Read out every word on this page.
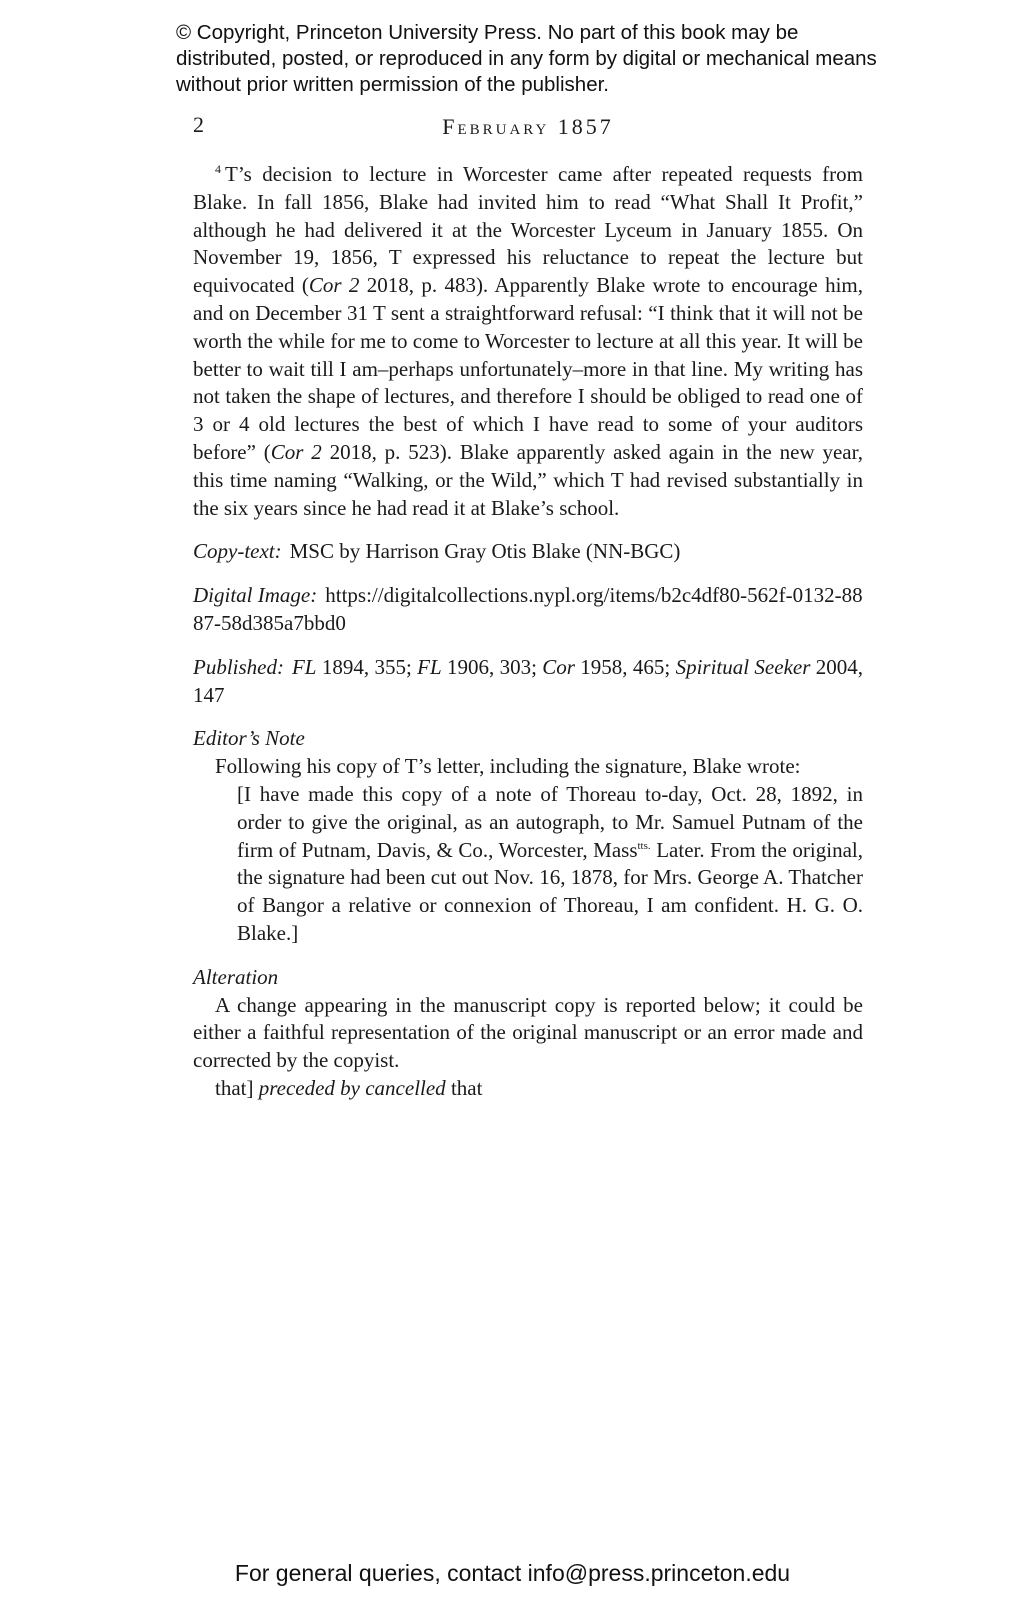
© Copyright, Princeton University Press. No part of this book may be distributed, posted, or reproduced in any form by digital or mechanical means without prior written permission of the publisher.
2	February 1857

$^4$ T’s decision to lecture in Worcester came after repeated requests from Blake. In fall 1856, Blake had invited him to read “What Shall It Profit,” although he had delivered it at the Worcester Lyceum in January 1855. On November 19, 1856, T expressed his reluctance to repeat the lecture but equivocated (Cor 2 2018, p. 483). Apparently Blake wrote to encourage him, and on December 31 T sent a straightforward refusal: “I think that it will not be worth the while for me to come to Worcester to lecture at all this year. It will be better to wait till I am–perhaps unfortunately–more in that line. My writing has not taken the shape of lectures, and therefore I should be obliged to read one of 3 or 4 old lectures the best of which I have read to some of your auditors before” (Cor 2 2018, p. 523). Blake apparently asked again in the new year, this time naming “Walking, or the Wild,” which T had revised substantially in the six years since he had read it at Blake’s school.

Copy-text: MSC by Harrison Gray Otis Blake (NN-BGC)

Digital Image: https://digitalcollections.nypl.org/items/b2c4df80-562f-0132-8887-58d385a7bbd0

Published: FL 1894, 355; FL 1906, 303; Cor 1958, 465; Spiritual Seeker 2004, 147

Editor’s Note

Following his copy of T’s letter, including the signature, Blake wrote:

[I have made this copy of a note of Thoreau to-day, Oct. 28, 1892, in order to give the original, as an autograph, to Mr. Samuel Putnam of the firm of Putnam, Davis, & Co., Worcester, Mass$^{tts.}$ Later. From the original, the signature had been cut out Nov. 16, 1878, for Mrs. George A. Thatcher of Bangor a relative or connexion of Thoreau, I am confident. H. G. O. Blake.]

Alteration

A change appearing in the manuscript copy is reported below; it could be either a faithful representation of the original manuscript or an error made and corrected by the copyist.

that] preceded by cancelled that

For general queries, contact info@press.princeton.edu
